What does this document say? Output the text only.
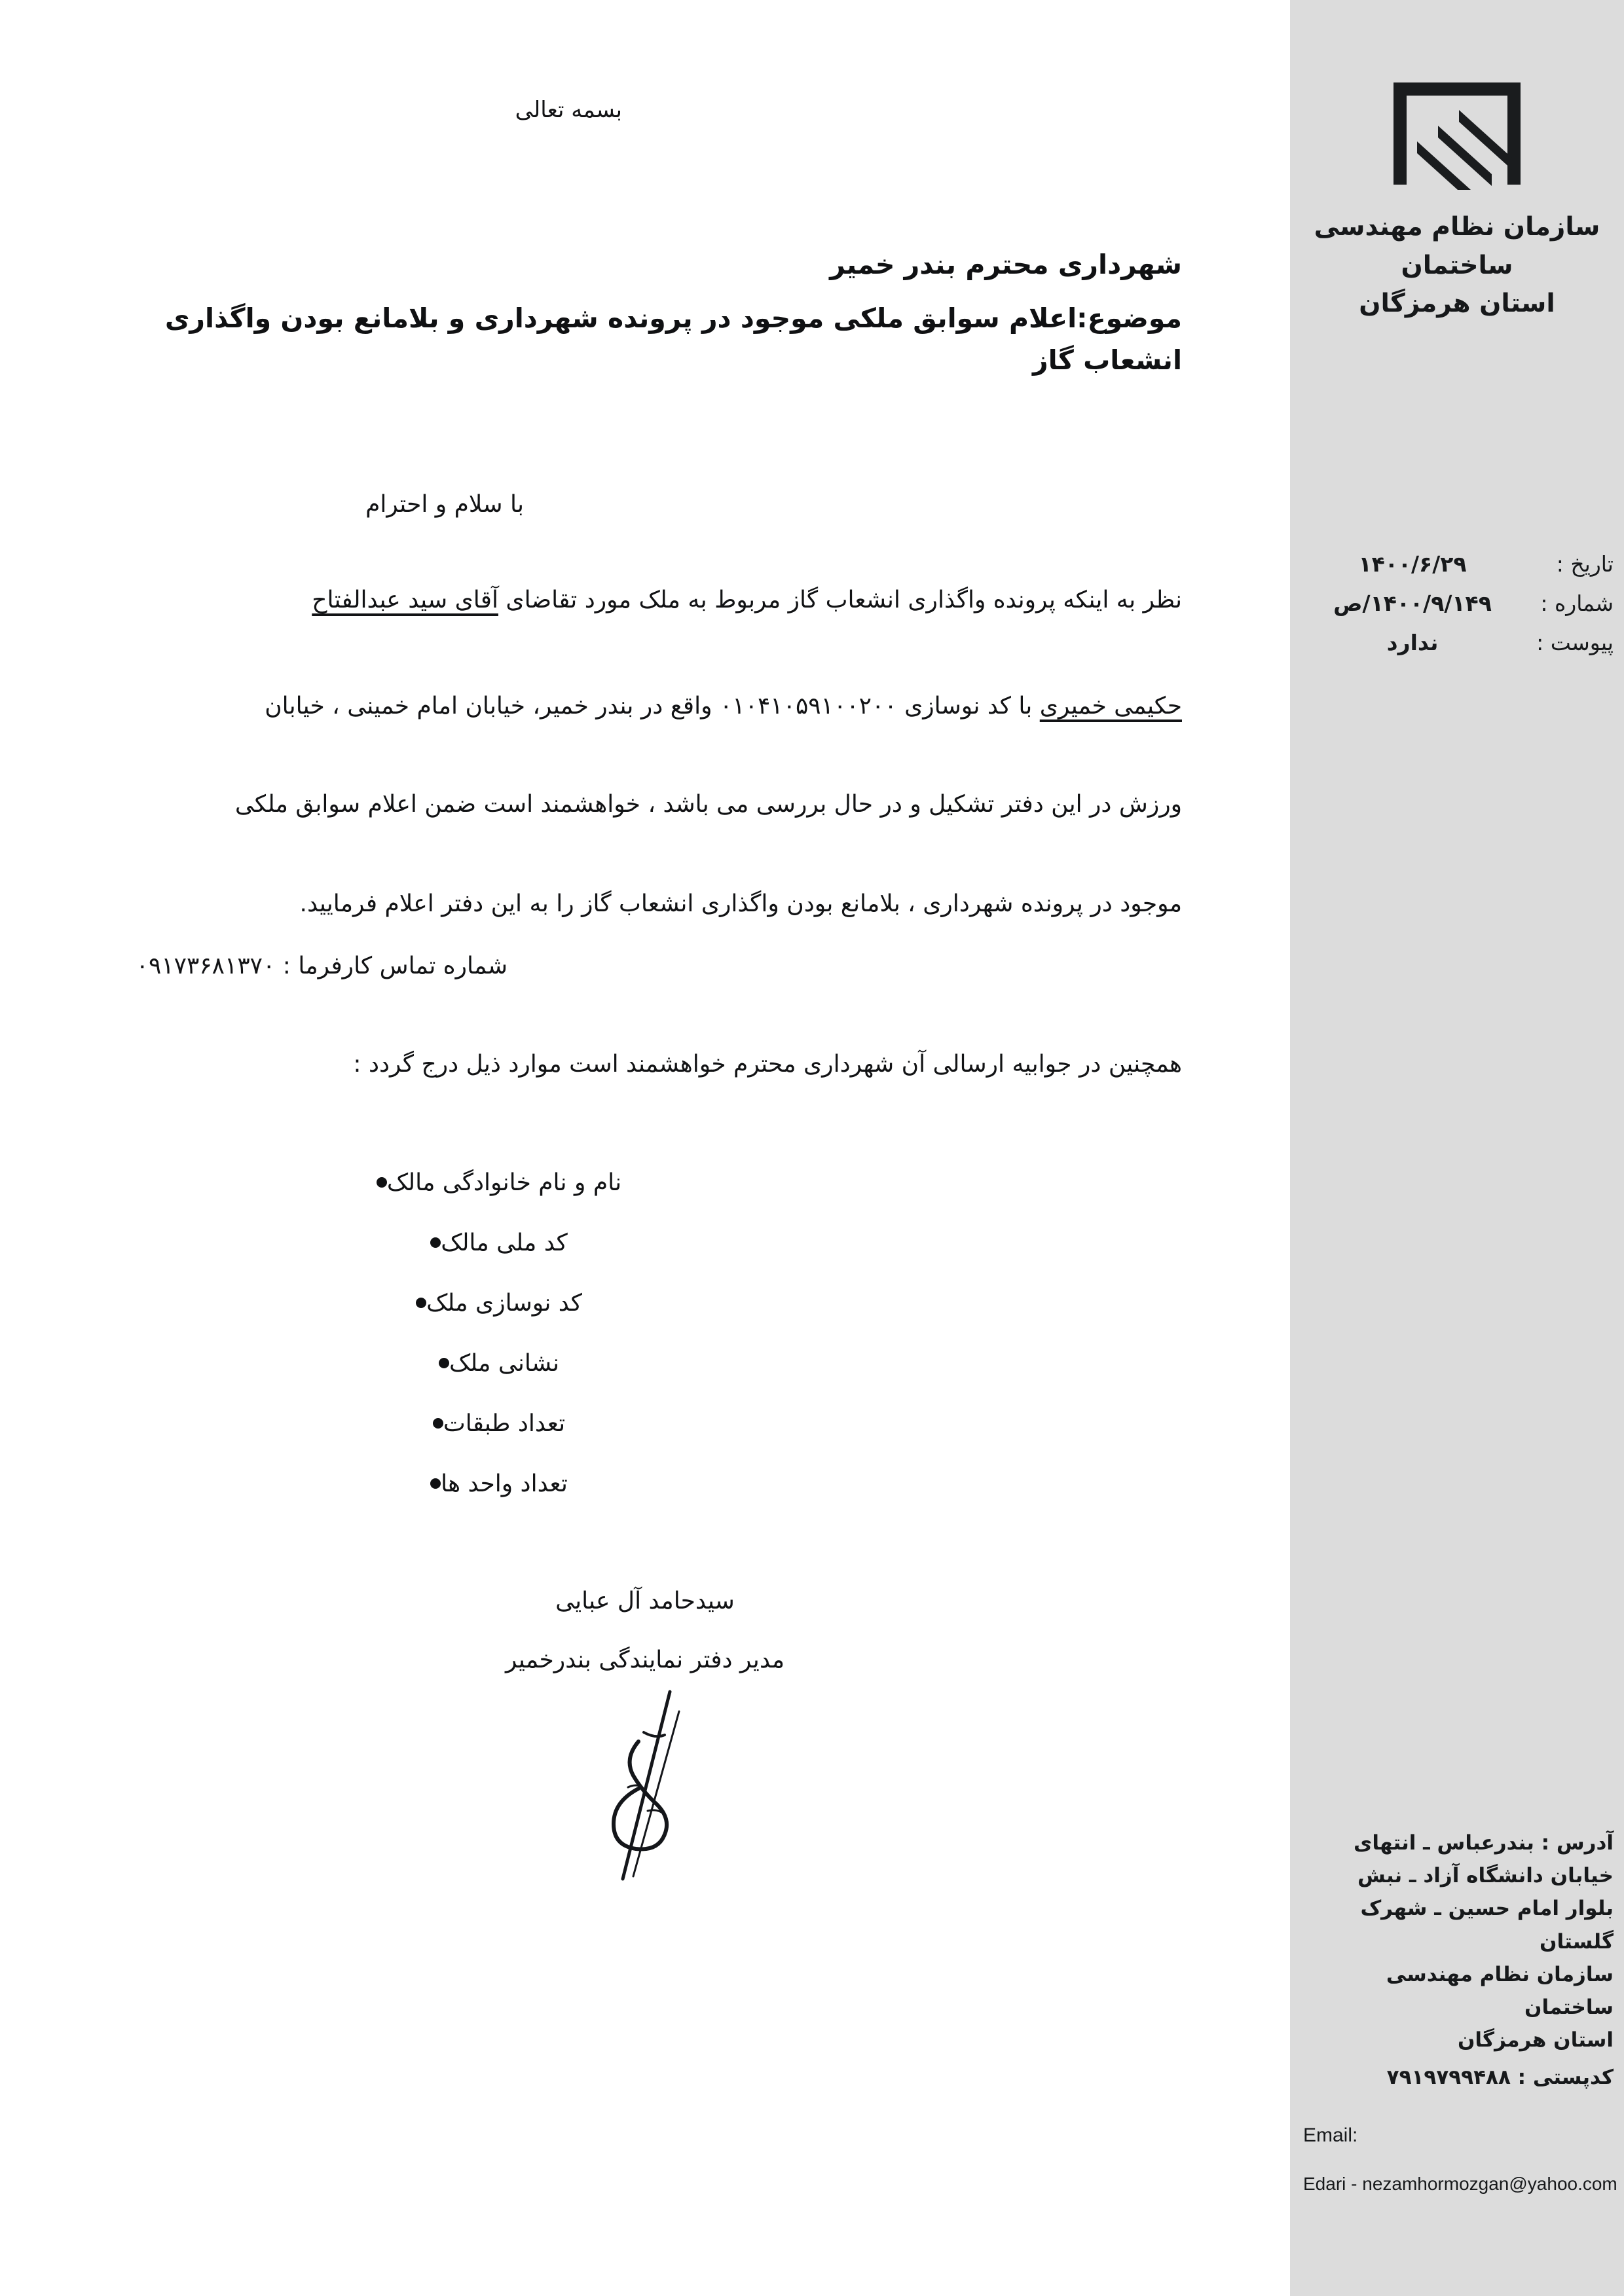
بسمه تعالی
شهرداری محترم بندر خمیر
موضوع:اعلام سوابق ملکی موجود در پرونده شهرداری و بلامانع بودن واگذاری انشعاب گاز
با سلام و احترام
نظر به اینکه پرونده واگذاری انشعاب گاز مربوط به ملک مورد تقاضای آقای سید عبدالفتاح
حکیمی خمیری با کد نوسازی ۰۱۰۴۱۰۵۹۱۰۰۲۰۰ واقع در بندر خمیر، خیابان امام خمینی ، خیابان
ورزش در این دفتر تشکیل و در حال بررسی می باشد ، خواهشمند است ضمن اعلام سوابق ملکی
موجود در پرونده شهرداری ، بلامانع بودن واگذاری انشعاب گاز را به این دفتر اعلام فرمایید.
شماره تماس کارفرما : ۰۹۱۷۳۶۸۱۳۷۰
همچنین در جوابیه ارسالی آن شهرداری محترم خواهشمند است موارد ذیل درج گردد :
نام و نام خانوادگی مالک
کد ملی مالک
کد نوسازی ملک
نشانی ملک
تعداد طبقات
تعداد واحد ها
سیدحامد آل عبایی
مدیر دفتر نمایندگی بندرخمیر
سازمان نظام مهندسی ساختمان
استان هرمزگان
تاریخ :
۱۴۰۰/۶/۲۹
شماره :
۱۴۰۰/۹/۱۴۹/ص
پیوست :
ندارد
آدرس : بندرعباس ـ انتهای
خیابان دانشگاه آزاد ـ نبش
بلوار امام حسین ـ شهرک
گلستان
سازمان نظام مهندسی ساختمان
استان هرمزگان
کدپستی : ۷۹۱۹۷۹۹۴۸۸
Email:
Edari - nezamhormozgan@yahoo.com
